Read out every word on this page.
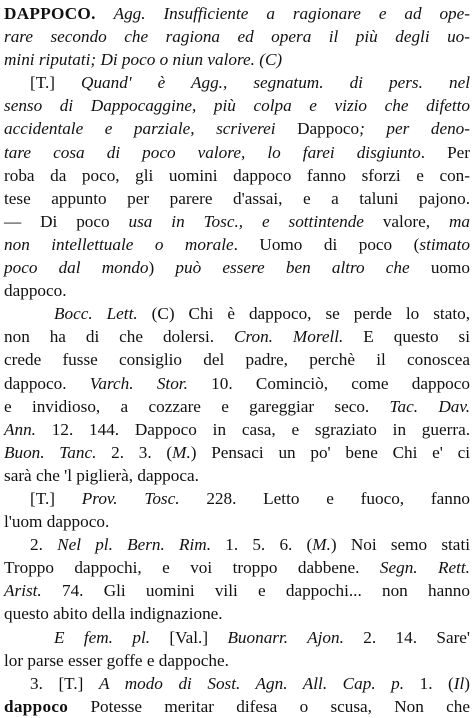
DAPPOCO. Agg. Insufficiente a ragionare e ad ope-
rare secondo che ragiona ed opera il più degli uo-
mini riputati; Di poco o niun valore. (C)
[T.] Quand' è Agg., segnatum. di pers. nel
senso di Dappocaggine, più colpa e vizio che difetto
accidentale e parziale, scriverei Dappoco; per deno-
tare cosa di poco valore, lo farei disgiunto. Per
roba da poco, gli uomini dappoco fanno sforzi e con-
tese appunto per parere d'assai, e a taluni pajono.
— Di poco usa in Tosc., e sottintende valore, ma
non intellettuale o morale. Uomo di poco (stimato
poco dal mondo) può essere ben altro che uomo
dappoco.
Bocc. Lett. (C) Chi è dappoco, se perde lo stato,
non ha di che dolersi. Cron. Morell. E questo si
crede fusse consiglio del padre, perchè il conoscea
dappoco. Varch. Stor. 10. Cominciò, come dappoco
e invidioso, a cozzare e gareggiar seco. Tac. Dav.
Ann. 12. 144. Dappoco in casa, e sgraziato in guerra.
Buon. Tanc. 2. 3. (M.) Pensaci un po' bene Chi e' ci
sarà che 'l piglierà, dappoca.
[T.] Prov. Tosc. 228. Letto e fuoco, fanno
l'uom dappoco.
2. Nel pl. Bern. Rim. 1. 5. 6. (M.) Noi semo stati
Troppo dappochi, e voi troppo dabbene. Segn. Rett.
Arist. 74. Gli uomini vili e dappochi... non hanno
questo abito della indignazione.
E fem. pl. [Val.] Buonarr. Ajon. 2. 14. Sare'
lor parse esser goffe e dappoche.
3. [T.] A modo di Sost. Agn. All. Cap. p. 1. (Il)
dappoco Potesse meritar difesa o scusa, Non che
